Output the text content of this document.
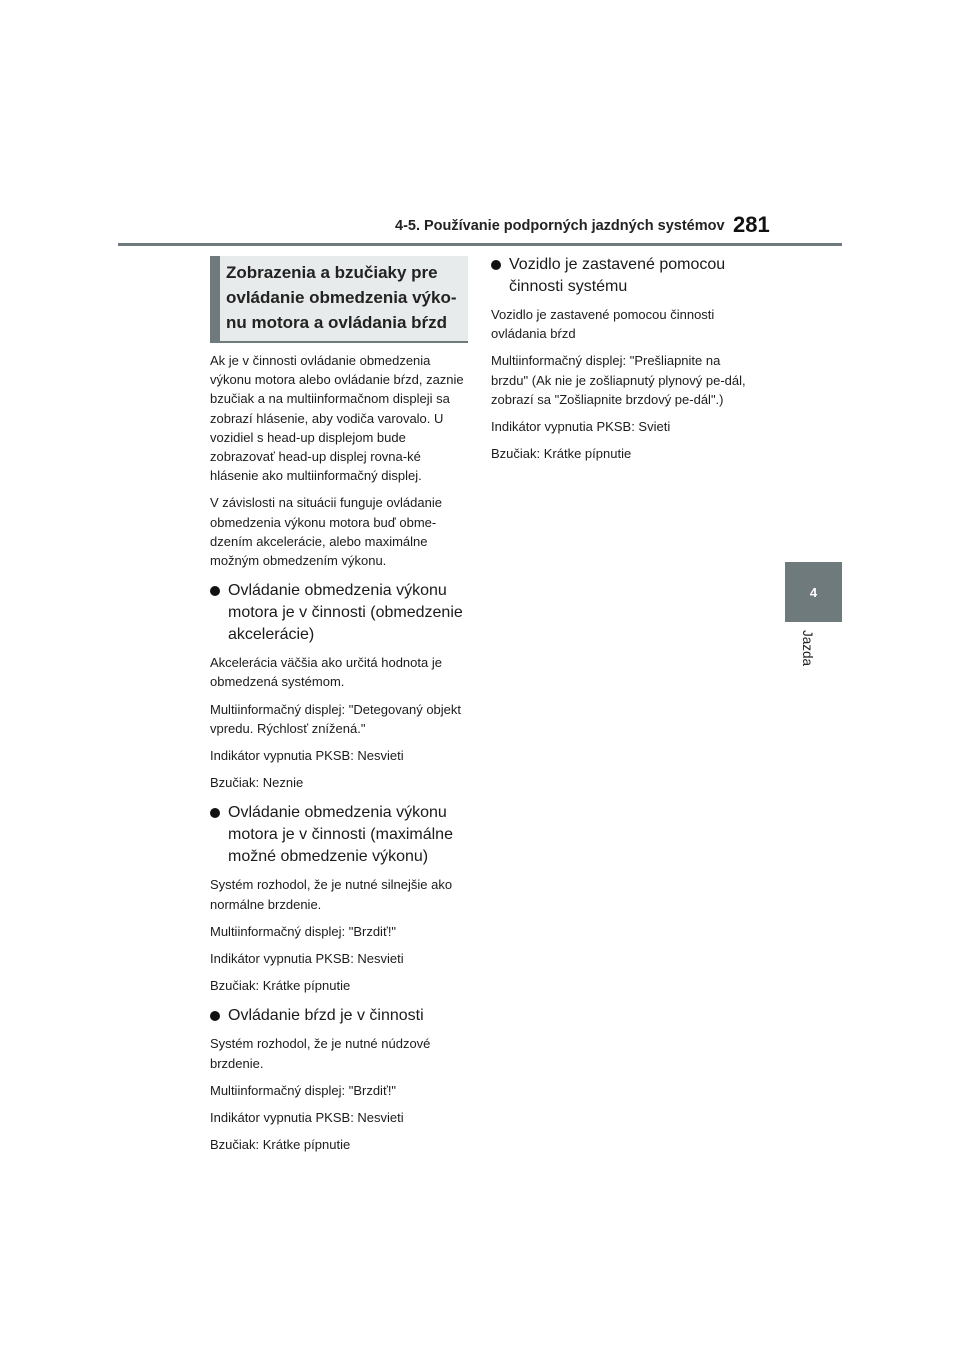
4-5. Používanie podporných jazdných systémov 281
4
Jazda
Zobrazenia a bzučiaky pre ovládanie obmedzenia výko-nu motora a ovládania bŕzd

Ak je v činnosti ovládanie obmedzenia výkonu motora alebo ovládanie bŕzd, zaznie bzučiak a na multiinformačnom displeji sa zobrazí hlásenie, aby vodiča varovalo. U vozidiel s head-up displejom bude zobrazovať head-up displej rovna-ké hlásenie ako multiinformačný displej.

V závislosti na situácii funguje ovládanie obmedzenia výkonu motora buď obme-dzením akcelerácie, alebo maximálne možným obmedzením výkonu.

Ovládanie obmedzenia výkonu motora je v činnosti (obmedzenie akcelerácie)

Akcelerácia väčšia ako určitá hodnota je obmedzená systémom.

Multiinformačný displej: "Detegovaný objekt vpredu. Rýchlosť znížená."

Indikátor vypnutia PKSB: Nesvieti

Bzučiak: Neznie

Ovládanie obmedzenia výkonu motora je v činnosti (maximálne možné obmedzenie výkonu)

Systém rozhodol, že je nutné silnejšie ako normálne brzdenie.

Multiinformačný displej: "Brzdiť!"

Indikátor vypnutia PKSB: Nesvieti

Bzučiak: Krátke pípnutie

Ovládanie bŕzd je v činnosti

Systém rozhodol, že je nutné núdzové brzdenie.

Multiinformačný displej: "Brzdiť!"

Indikátor vypnutia PKSB: Nesvieti

Bzučiak: Krátke pípnutie

Vozidlo je zastavené pomocou činnosti systému

Vozidlo je zastavené pomocou činnosti ovládania bŕzd

Multiinformačný displej: "Prešliapnite na brzdu" (Ak nie je zošliapnutý plynový pe-dál, zobrazí sa "Zošliapnite brzdový pe-dál".)

Indikátor vypnutia PKSB: Svieti

Bzučiak: Krátke pípnutie
